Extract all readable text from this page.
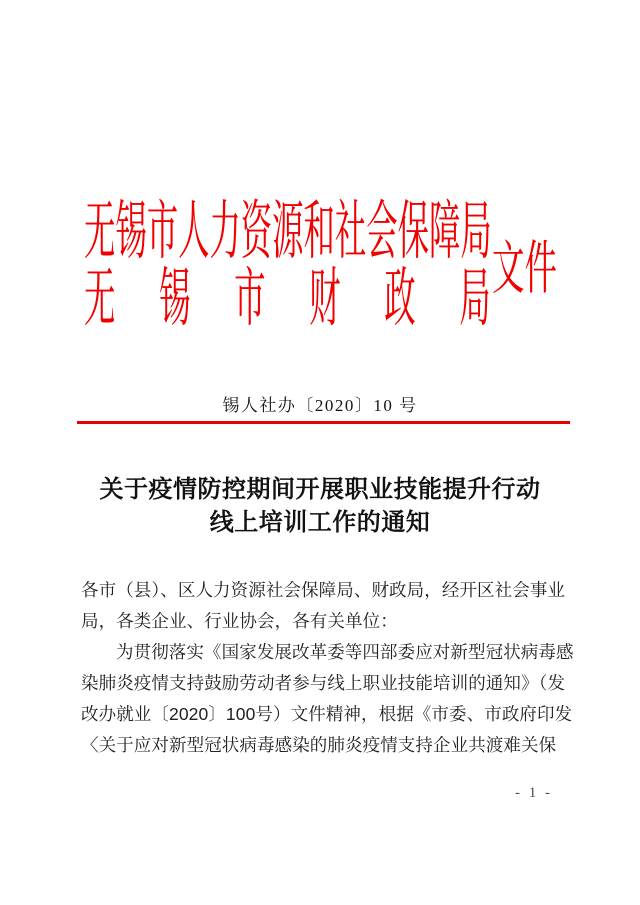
无锡市人力资源和社会保障局
无 锡 市 财 政 局 文件
锡人社办〔2020〕10 号
关于疫情防控期间开展职业技能提升行动
线上培训工作的通知
各市（县）、区人力资源社会保障局、财政局，经开区社会事业
局，各类企业、行业协会，各有关单位：
为贯彻落实《国家发展改革委等四部委应对新型冠状病毒感
染肺炎疫情支持鼓励劳动者参与线上职业技能培训的通知》（发
改办就业〔2020〕100号）文件精神，根据《市委、市政府印发
〈关于应对新型冠状病毒感染的肺炎疫情支持企业共渡难关保
- 1 -
